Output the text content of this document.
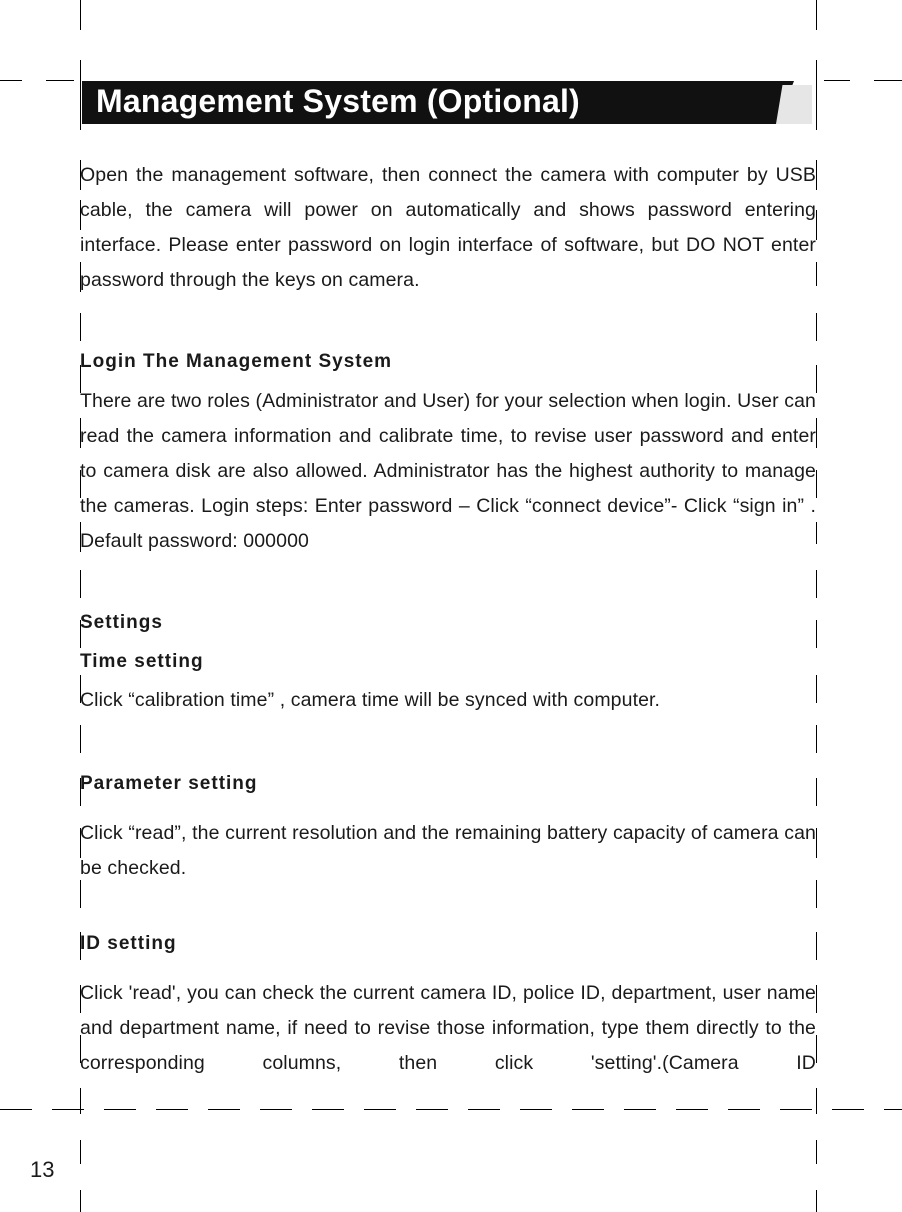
Management System (Optional)

Open the management software, then connect the camera with computer by USB cable, the camera will power on automatically and shows password entering interface. Please enter password on login interface of software, but DO NOT enter password through the keys on camera.

Login The Management System

There are two roles (Administrator and User) for your selection when login. User can read the camera information and calibrate time, to revise user password and enter to camera disk are also allowed. Administrator has the highest authority to manage the cameras. Login steps: Enter password – Click “connect device”- Click “sign in” . Default password: 000000

Settings
Time setting

Click “calibration time” , camera time will be synced with computer.

Parameter setting

Click “read”, the current resolution and the remaining battery capacity of camera can be checked.

ID setting

Click 'read', you can check the current camera ID, police ID, department, user name and department name, if need to revise those information, type them directly to the corresponding columns, then click 'setting'.(Camera ID

13
